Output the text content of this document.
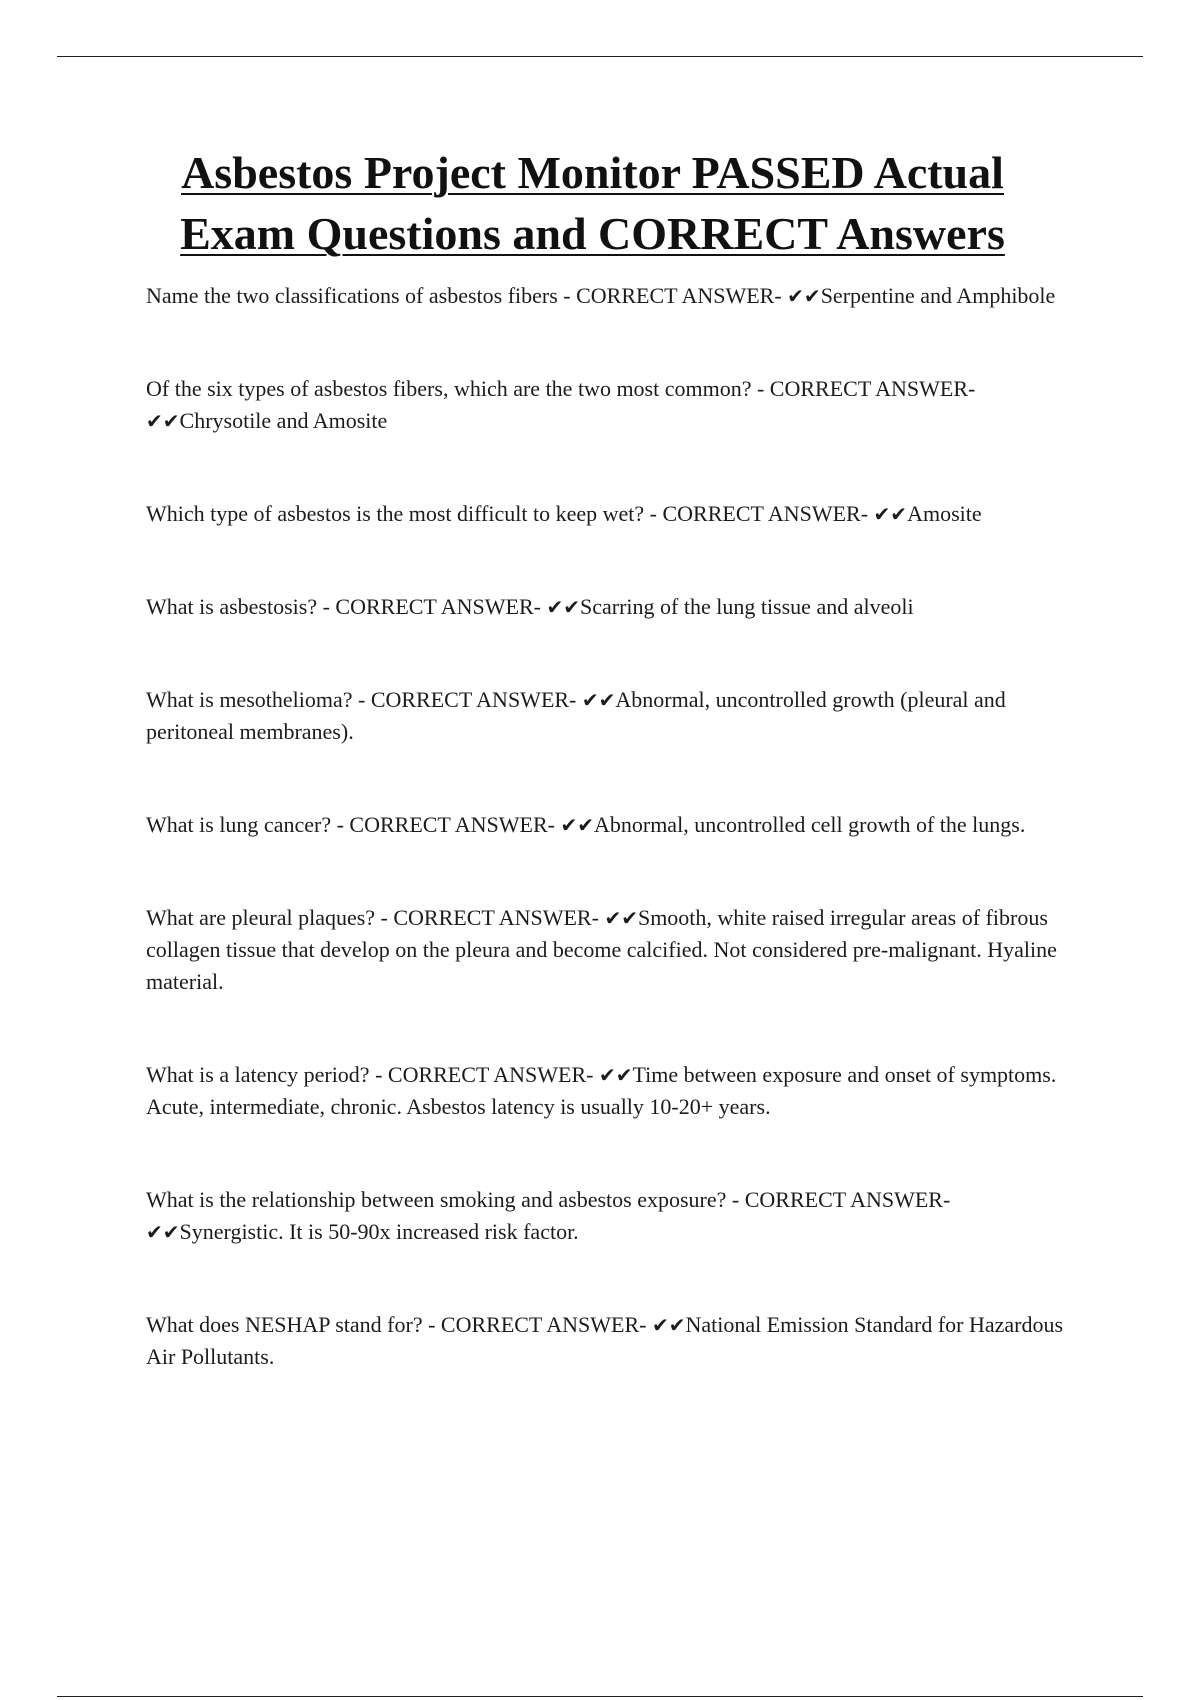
Asbestos Project Monitor PASSED Actual Exam Questions and CORRECT Answers

Name the two classifications of asbestos fibers - CORRECT ANSWER- ✔✔Serpentine and Amphibole

Of the six types of asbestos fibers, which are the two most common? - CORRECT ANSWER- ✔✔Chrysotile and Amosite

Which type of asbestos is the most difficult to keep wet? - CORRECT ANSWER- ✔✔Amosite

What is asbestosis? - CORRECT ANSWER- ✔✔Scarring of the lung tissue and alveoli

What is mesothelioma? - CORRECT ANSWER- ✔✔Abnormal, uncontrolled growth (pleural and peritoneal membranes).

What is lung cancer? - CORRECT ANSWER- ✔✔Abnormal, uncontrolled cell growth of the lungs.

What are pleural plaques? - CORRECT ANSWER- ✔✔Smooth, white raised irregular areas of fibrous collagen tissue that develop on the pleura and become calcified. Not considered pre-malignant. Hyaline material.

What is a latency period? - CORRECT ANSWER- ✔✔Time between exposure and onset of symptoms. Acute, intermediate, chronic. Asbestos latency is usually 10-20+ years.

What is the relationship between smoking and asbestos exposure? - CORRECT ANSWER- ✔✔Synergistic. It is 50-90x increased risk factor.

What does NESHAP stand for? - CORRECT ANSWER- ✔✔National Emission Standard for Hazardous Air Pollutants.
